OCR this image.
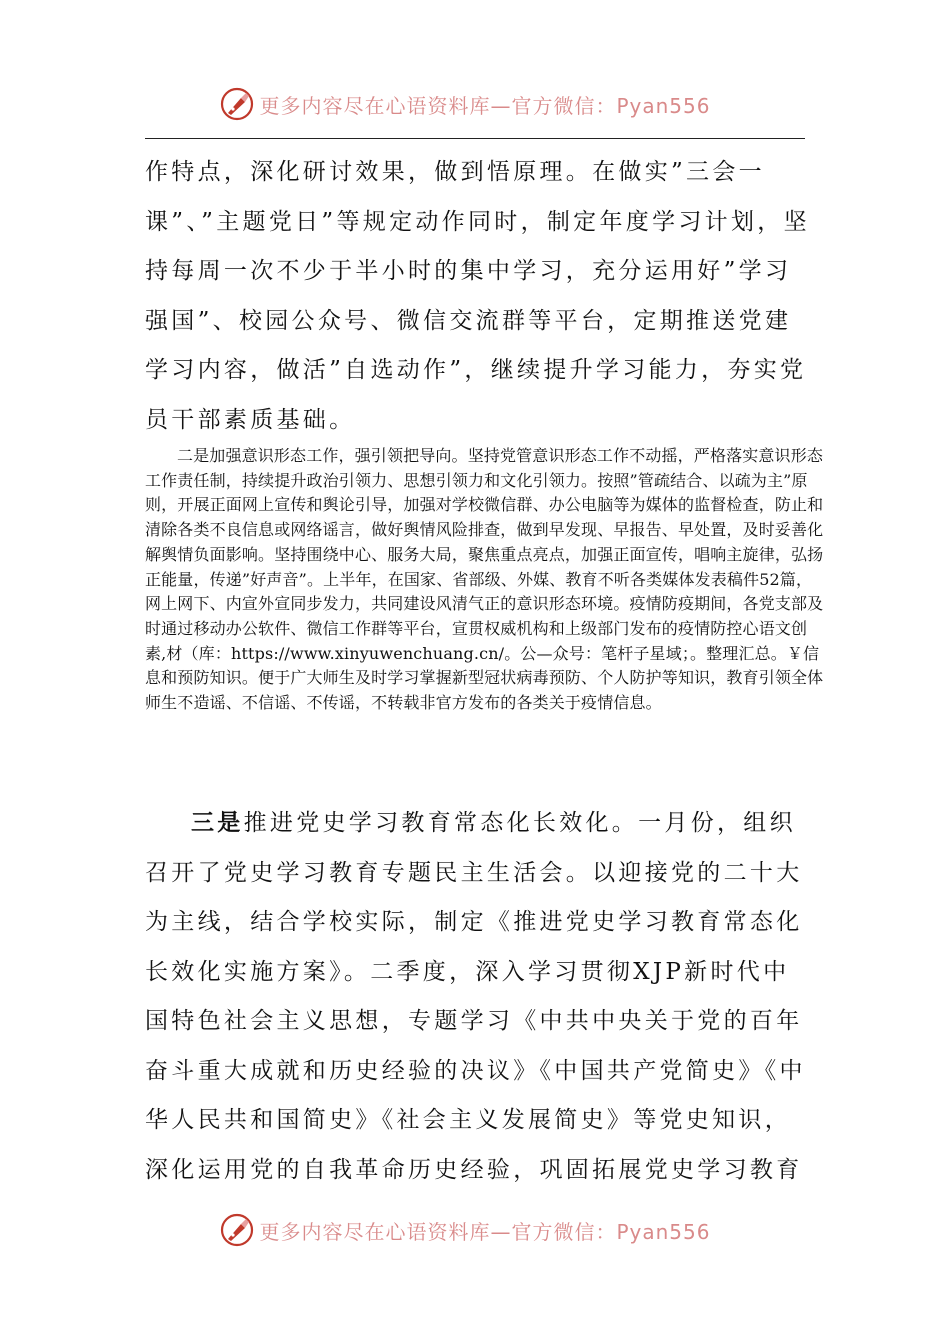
更多内容尽在心语资料库—官方微信：Pyan556

作特点，深化研讨效果，做到悟原理。在做实”三会一课”、”主题党日”等规定动作同时，制定年度学习计划，坚持每周一次不少于半小时的集中学习，充分运用好”学习强国”、校园公众号、微信交流群等平台，定期推送党建学习内容，做活”自选动作”，继续提升学习能力，夯实党员干部素质基础。

二是加强意识形态工作，强引领把导向。坚持党管意识形态工作不动摇，严格落实意识形态工作责任制，持续提升政治引领力、思想引领力和文化引领力。按照”管疏结合、以疏为主”原则，开展正面网上宣传和舆论引导，加强对学校微信群、办公电脑等为媒体的监督检查，防止和清除各类不良信息或网络谣言，做好舆情风险排查，做到早发现、早报告、早处置，及时妥善化解舆情负面影响。坚持围绕中心、服务大局，聚焦重点亮点，加强正面宣传，唱响主旋律，弘扬正能量，传递”好声音”。上半年，在国家、省部级、外媒、教育不听各类媒体发表稿件52篇，网上网下、内宣外宣同步发力，共同建设风清气正的意识形态环境。疫情防疫期间，各党支部及时通过移动办公软件、微信工作群等平台，宣贯权威机构和上级部门发布的疫情防控心语文创素,材（库：https://www.xinyuwenchuang.cn/。公—众号：笔杆子星域；。整理汇总。￥信息和预防知识。便于广大师生及时学习掌握新型冠状病毒预防、个人防护等知识，教育引领全体师生不造谣、不信谣、不传谣，不转载非官方发布的各类关于疫情信息。

三是推进党史学习教育常态化长效化。一月份，组织召开了党史学习教育专题民主生活会。以迎接党的二十大为主线，结合学校实际，制定《推进党史学习教育常态化长效化实施方案》。二季度，深入学习贯彻XJP新时代中国特色社会主义思想，专题学习《中共中央关于党的百年奋斗重大成就和历史经验的决议》《中国共产党简史》《中华人民共和国简史》《社会主义发展简史》等党史知识，深化运用党的自我革命历史经验，巩固拓展党史学习教育

更多内容尽在心语资料库—官方微信：Pyan556
